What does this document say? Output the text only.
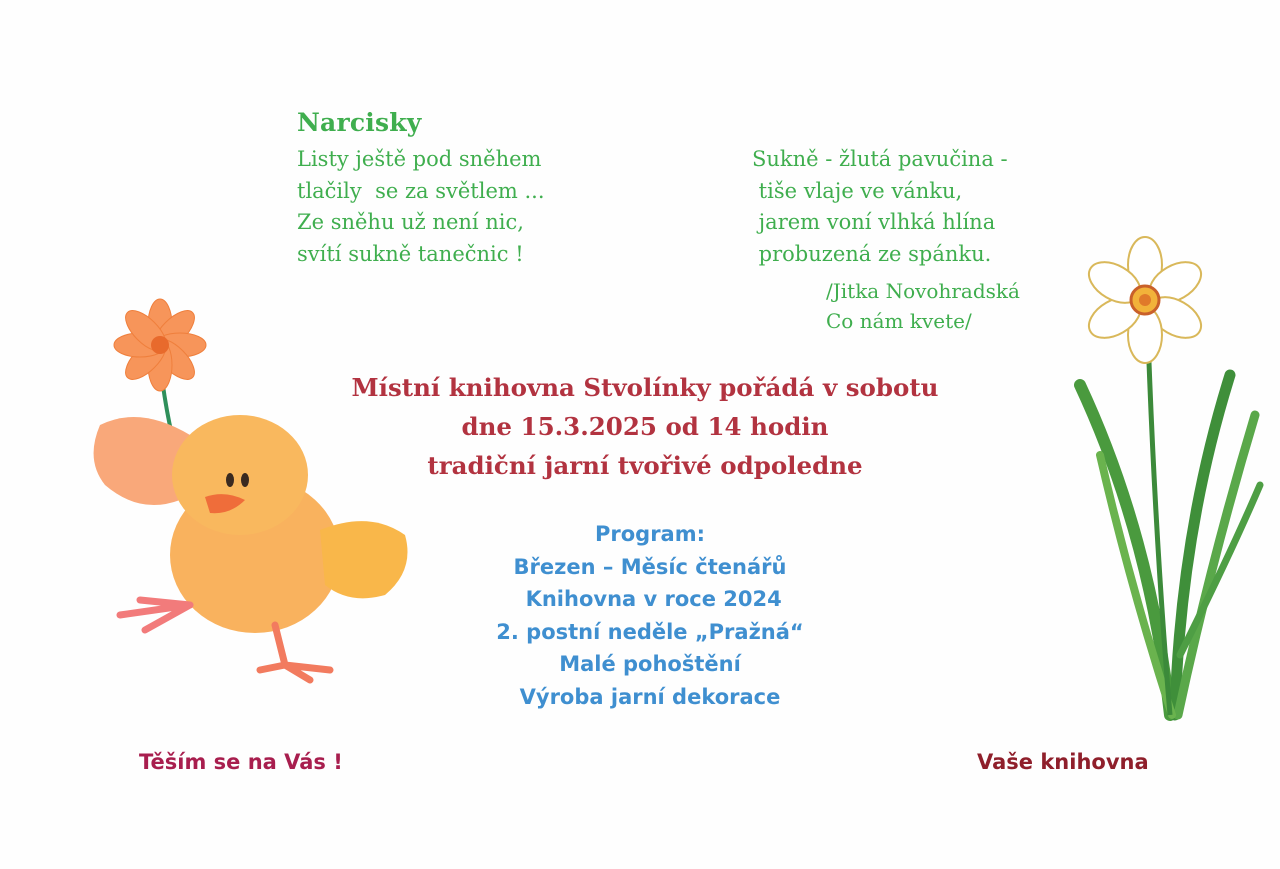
Narcisky
Listy ještě pod sněhem
tlačily  se za světlem ...
Ze sněhu už není nic,
svítí sukně tanečnic !
Sukně - žlutá pavučina -
tiše vlaje ve vánku,
jarem voní vlhká hlína
probuzená ze spánku.
/Jitka Novohradská
Co nám kvete/
Místní knihovna Stvolínky pořádá v sobotu
dne 15.3.2025 od 14 hodin
tradiční jarní tvořivé odpoledne
Program:
Březen – Měsíc čtenářů
Knihovna v roce 2024
2. postní neděle „Pražná“
Malé pohoštění
Výroba jarní dekorace
Těším se na Vás !	Vaše knihovna
